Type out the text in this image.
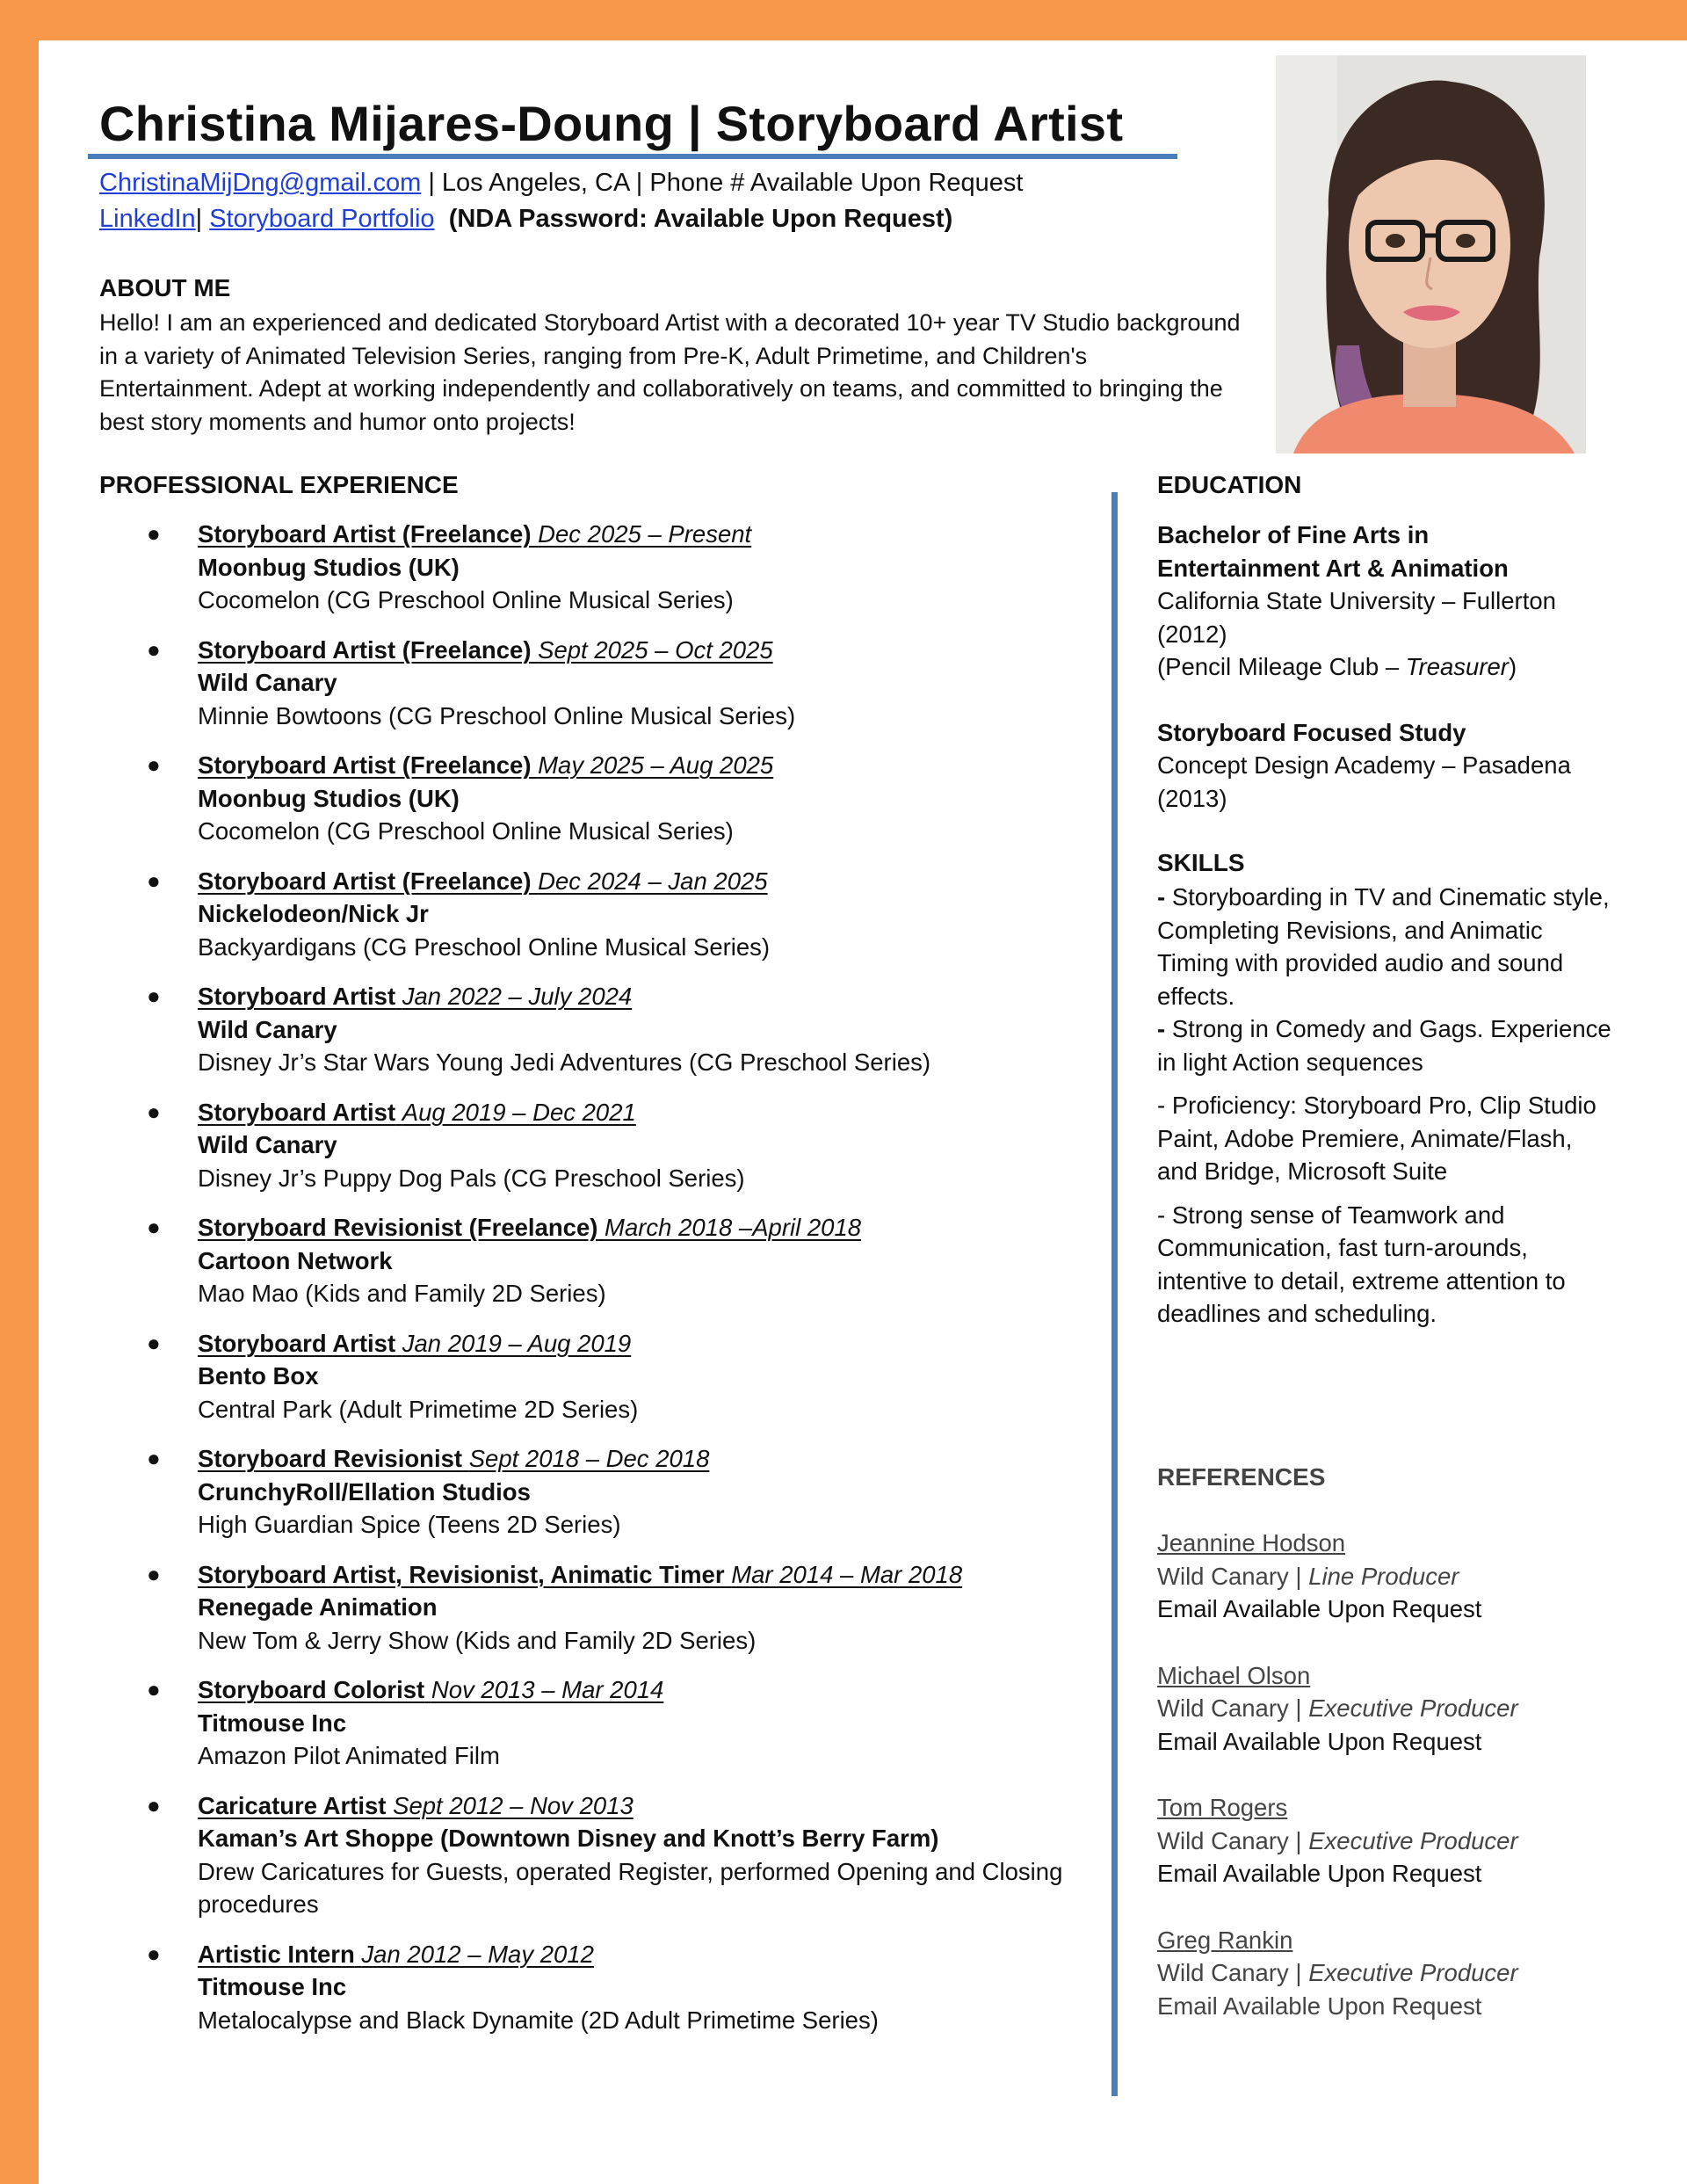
Christina Mijares-Doung | Storyboard Artist
ChristinaMijDng@gmail.com | Los Angeles, CA | Phone # Available Upon Request
LinkedIn| Storyboard Portfolio (NDA Password: Available Upon Request)
ABOUT ME
Hello! I am an experienced and dedicated Storyboard Artist with a decorated 10+ year TV Studio background in a variety of Animated Television Series, ranging from Pre-K, Adult Primetime, and Children's Entertainment. Adept at working independently and collaboratively on teams, and committed to bringing the best story moments and humor onto projects!
PROFESSIONAL EXPERIENCE
● Storyboard Artist (Freelance) Dec 2025 – Present
Moonbug Studios (UK)
Cocomelon (CG Preschool Online Musical Series)
● Storyboard Artist (Freelance) Sept 2025 – Oct 2025
Wild Canary
Minnie Bowtoons (CG Preschool Online Musical Series)
● Storyboard Artist (Freelance) May 2025 – Aug 2025
Moonbug Studios (UK)
Cocomelon (CG Preschool Online Musical Series)
● Storyboard Artist (Freelance) Dec 2024 – Jan 2025
Nickelodeon/Nick Jr
Backyardigans (CG Preschool Online Musical Series)
● Storyboard Artist Jan 2022 – July 2024
Wild Canary
Disney Jr’s Star Wars Young Jedi Adventures (CG Preschool Series)
● Storyboard Artist Aug 2019 – Dec 2021
Wild Canary
Disney Jr’s Puppy Dog Pals (CG Preschool Series)
● Storyboard Revisionist (Freelance) March 2018 –April 2018
Cartoon Network
Mao Mao (Kids and Family 2D Series)
● Storyboard Artist Jan 2019 – Aug 2019
Bento Box
Central Park (Adult Primetime 2D Series)
● Storyboard Revisionist Sept 2018 – Dec 2018
CrunchyRoll/Ellation Studios
High Guardian Spice (Teens 2D Series)
● Storyboard Artist, Revisionist, Animatic Timer Mar 2014 – Mar 2018
Renegade Animation
New Tom & Jerry Show (Kids and Family 2D Series)
● Storyboard Colorist Nov 2013 – Mar 2014
Titmouse Inc
Amazon Pilot Animated Film
● Caricature Artist Sept 2012 – Nov 2013
Kaman’s Art Shoppe (Downtown Disney and Knott’s Berry Farm)
Drew Caricatures for Guests, operated Register, performed Opening and Closing procedures
● Artistic Intern Jan 2012 – May 2012
Titmouse Inc
Metalocalypse and Black Dynamite (2D Adult Primetime Series)
EDUCATION
Bachelor of Fine Arts in
Entertainment Art & Animation
California State University – Fullerton
(2012)
(Pencil Mileage Club – Treasurer)
Storyboard Focused Study
Concept Design Academy – Pasadena
(2013)
SKILLS
- Storyboarding in TV and Cinematic style, Completing Revisions, and Animatic Timing with provided audio and sound effects.
- Strong in Comedy and Gags. Experience in light Action sequences
- Proficiency: Storyboard Pro, Clip Studio Paint, Adobe Premiere, Animate/Flash, and Bridge, Microsoft Suite
- Strong sense of Teamwork and Communication, fast turn-arounds, intentive to detail, extreme attention to deadlines and scheduling.
REFERENCES
Jeannine Hodson
Wild Canary | Line Producer
Email Available Upon Request
Michael Olson
Wild Canary | Executive Producer
Email Available Upon Request
Tom Rogers
Wild Canary | Executive Producer
Email Available Upon Request
Greg Rankin
Wild Canary | Executive Producer
Email Available Upon Request
